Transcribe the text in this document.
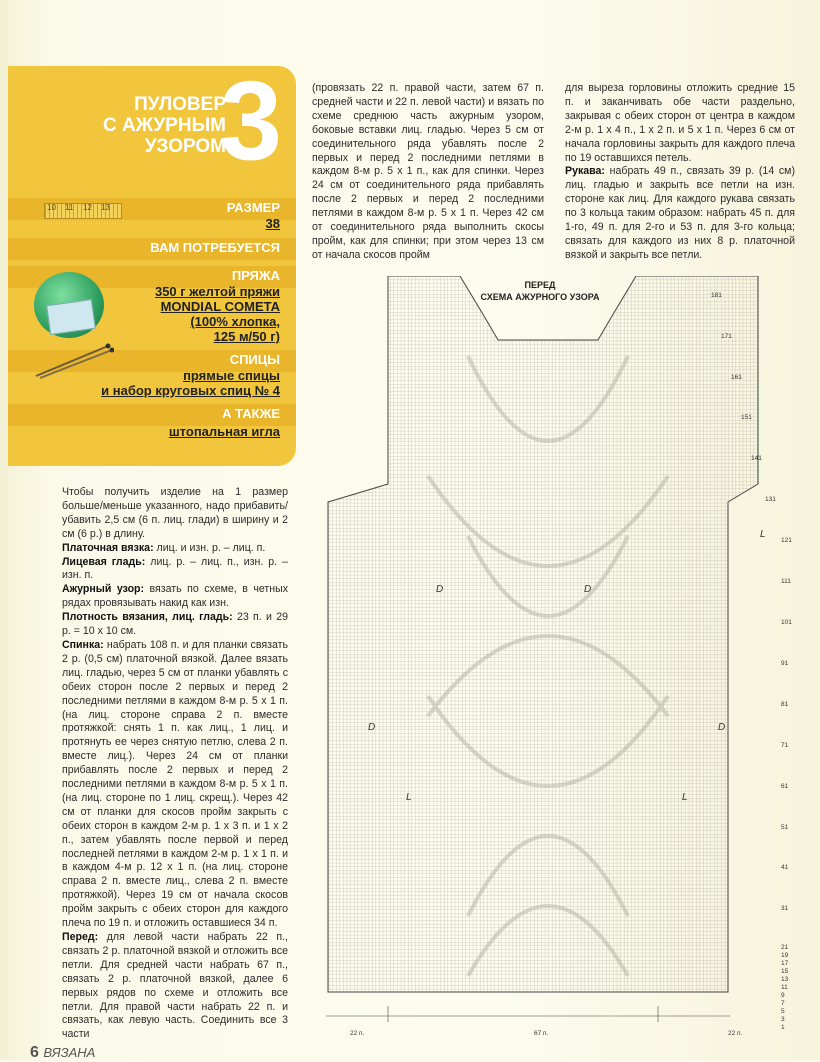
ПУЛОВЕР
С АЖУРНЫМ
УЗОРОМ
3
РАЗМЕР
10 11 12 13
38
ВАМ ПОТРЕБУЕТСЯ
ПРЯЖА
350 г желтой пряжи
MONDIAL COMETA
(100% хлопка,
125 м/50 г)
СПИЦЫ
прямые спицы
и набор круговых спиц № 4
А ТАКЖЕ
штопальная игла

Чтобы получить изделие на 1 размер больше/меньше указанного, надо прибавить/убавить 2,5 см (6 п. лиц. глади) в ширину и 2 см (6 р.) в длину.

Платочная вязка: лиц. и изн. р. – лиц. п.

Лицевая гладь: лиц. р. – лиц. п., изн. р. – изн. п.

Ажурный узор: вязать по схеме, в четных рядах провязывать накид как изн.

Плотность вязания, лиц. гладь: 23 п. и 29 р. = 10 х 10 см.

Спинка: набрать 108 п. и для планки связать 2 р. (0,5 см) платочной вязкой. Далее вязать лиц. гладью, через 5 см от планки убавлять с обеих сторон после 2 первых и перед 2 последними петлями в каждом 8-м р. 5 х 1 п. (на лиц. стороне справа 2 п. вместе протяжкой: снять 1 п. как лиц., 1 лиц. и протянуть ее через снятую петлю, слева 2 п. вместе лиц.). Через 24 см от планки прибавлять после 2 первых и перед 2 последними петлями в каждом 8-м р. 5 х 1 п. (на лиц. стороне по 1 лиц. скрещ.). Через 42 см от планки для скосов пройм закрыть с обеих сторон в каждом 2-м р. 1 х 3 п. и 1 х 2 п., затем убавлять после первой и перед последней петлями в каждом 2-м р. 1 х 1 п. и в каждом 4-м р. 12 х 1 п. (на лиц. стороне справа 2 п. вместе лиц., слева 2 п. вместе протяжкой). Через 19 см от начала скосов пройм закрыть с обеих сторон для каждого плеча по 19 п. и отложить оставшиеся 34 п.

Перед: для левой части набрать 22 п., связать 2 р. платочной вязкой и отложить все петли. Для средней части набрать 67 п., связать 2 р. платочной вязкой, далее 6 первых рядов по схеме и отложить все петли. Для правой части набрать 22 п. и связать, как левую часть. Соединить все 3 части

(провязать 22 п. правой части, затем 67 п. средней части и 22 п. левой части) и вязать по схеме среднюю часть ажурным узором, боковые вставки лиц. гладью. Через 5 см от соединительного ряда убавлять после 2 первых и перед 2 последними петлями в каждом 8-м р. 5 х 1 п., как для спинки. Через 24 см от соединительного ряда прибавлять после 2 первых и перед 2 последними петлями в каждом 8-м р. 5 х 1 п. Через 42 см от соединительного ряда выполнить скосы пройм, как для спинки; при этом через 13 см от начала скосов пройм

для выреза горловины отложить средние 15 п. и заканчивать обе части раздельно, закрывая с обеих сторон от центра в каждом 2-м р. 1 х 4 п., 1 х 2 п. и 5 х 1 п. Через 6 см от начала горловины закрыть для каждого плеча по 19 оставшихся петель.

Рукава: набрать 49 п., связать 39 р. (14 см) лиц. гладью и закрыть все петли на изн. стороне как лиц. Для каждого рукава связать по 3 кольца таким образом: набрать 45 п. для 1-го, 49 п. для 2-го и 53 п. для 3-го кольца; связать для каждого из них 8 р. платочной вязкой и закрыть все петли.

ПЕРЕД
СХЕМА АЖУРНОГО УЗОРА
L
D	D
D	D
L	L
181
171
161
151
141
131
121
111
101
91
81
71
61
51
41
31
21
19
17
15
13
11
9
7
5
3
1
22 п.	67 п.	22 п.
6 ВЯЗАНА
